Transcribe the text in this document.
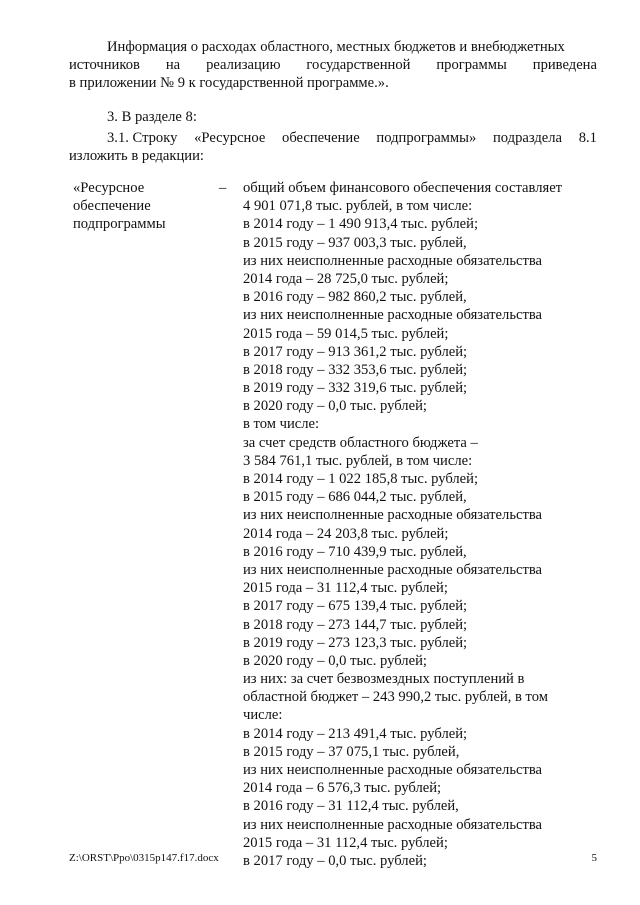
Информация о расходах областного, местных бюджетов и внебюджетных
источников на реализацию государственной программы приведена
в приложении № 9 к государственной программе.».
3. В разделе 8:
3.1. Строку «Ресурсное обеспечение подпрограммы» подраздела 8.1
изложить в редакции:
«Ресурсное
обеспечение
подпрограммы
–	общий объем финансового обеспечения составляет
4 901 071,8 тыс. рублей, в том числе:
в 2014 году – 1 490 913,4 тыс. рублей;
в 2015 году – 937 003,3 тыс. рублей,
из них неисполненные расходные обязательства
2014 года – 28 725,0 тыс. рублей;
в 2016 году – 982 860,2 тыс. рублей,
из них неисполненные расходные обязательства
2015 года – 59 014,5 тыс. рублей;
в 2017 году – 913 361,2 тыс. рублей;
в 2018 году – 332 353,6 тыс. рублей;
в 2019 году – 332 319,6 тыс. рублей;
в 2020 году – 0,0 тыс. рублей;
в том числе:
за счет средств областного бюджета –
3 584 761,1 тыс. рублей, в том числе:
в 2014 году – 1 022 185,8 тыс. рублей;
в 2015 году – 686 044,2 тыс. рублей,
из них неисполненные расходные обязательства
2014 года – 24 203,8 тыс. рублей;
в 2016 году – 710 439,9 тыс. рублей,
из них неисполненные расходные обязательства
2015 года – 31 112,4 тыс. рублей;
в 2017 году – 675 139,4 тыс. рублей;
в 2018 году – 273 144,7 тыс. рублей;
в 2019 году – 273 123,3 тыс. рублей;
в 2020 году – 0,0 тыс. рублей;
из них: за счет безвозмездных поступлений в
областной бюджет – 243 990,2 тыс. рублей, в том
числе:
в 2014 году – 213 491,4 тыс. рублей;
в 2015 году – 37 075,1 тыс. рублей,
из них неисполненные расходные обязательства
2014 года – 6 576,3 тыс. рублей;
в 2016 году – 31 112,4 тыс. рублей,
из них неисполненные расходные обязательства
2015 года – 31 112,4 тыс. рублей;
в 2017 году – 0,0 тыс. рублей;
Z:\ORST\Ppo\0315p147.f17.docx	5
